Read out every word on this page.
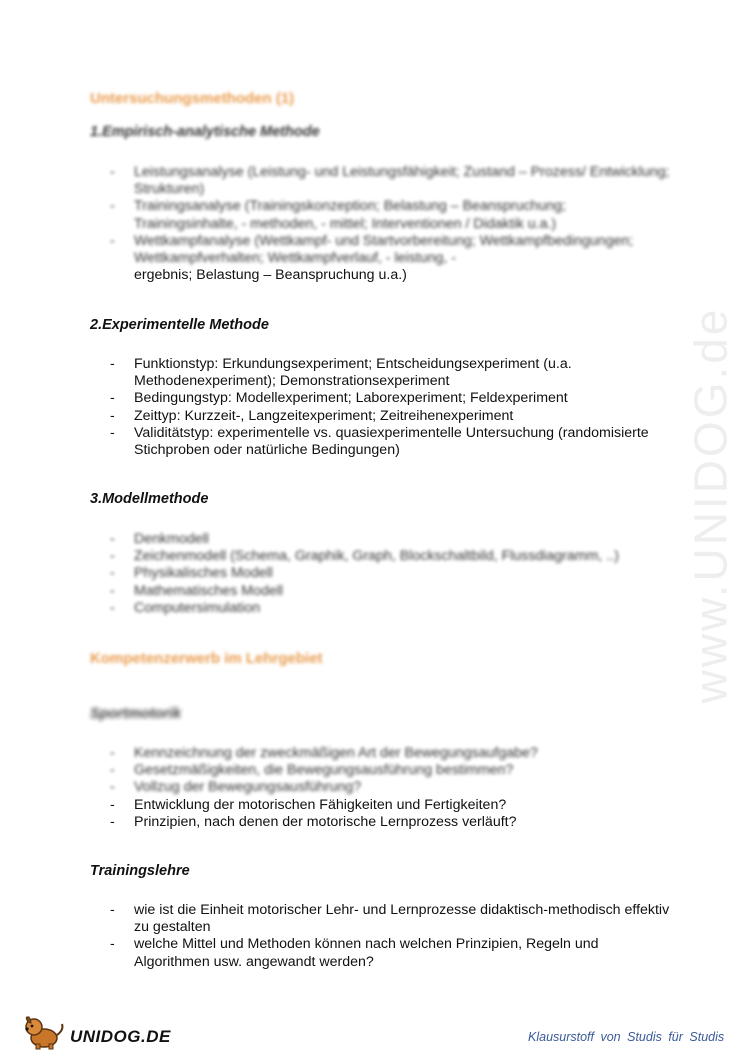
Untersuchungsmethoden (1)
1.Empirisch-analytische Methode
- Leistungsanalyse (Leistung- und Leistungsfähigkeit; Zustand – Prozess/ Entwicklung; Strukturen)
- Trainingsanalyse (Trainingskonzeption; Belastung – Beanspruchung; Trainingsinhalte, - methoden, - mittel; Interventionen / Didaktik u.a.)
- Wettkampfanalyse (Wettkampf- und Startvorbereitung; Wettkampfbedingungen; Wettkampfverhalten; Wettkampfverlauf, - leistung, -
ergebnis; Belastung – Beanspruchung u.a.)
2.Experimentelle Methode
- Funktionstyp: Erkundungsexperiment; Entscheidungsexperiment (u.a. Methodenexperiment); Demonstrationsexperiment
- Bedingungstyp: Modellexperiment; Laborexperiment; Feldexperiment
- Zeittyp: Kurzzeit-, Langzeitexperiment; Zeitreihenexperiment
- Validitätstyp: experimentelle vs. quasiexperimentelle Untersuchung (randomisierte Stichproben oder natürliche Bedingungen)
3.Modellmethode
- Denkmodell
- Zeichenmodell (Schema, Graphik, Graph, Blockschaltbild, Flussdiagramm, ..)
- Physikalisches Modell
- Mathematisches Modell
- Computersimulation
Kompetenzerwerb im Lehrgebiet
Sportmotorik
- Kennzeichnung der zweckmäßigen Art der Bewegungsaufgabe?
- Gesetzmäßigkeiten, die Bewegungsausführung bestimmen?
- Vollzug der Bewegungsausführung?
- Entwicklung der motorischen Fähigkeiten und Fertigkeiten?
- Prinzipien, nach denen der motorische Lernprozess verläuft?
Trainingslehre
- wie ist die Einheit motorischer Lehr- und Lernprozesse didaktisch-methodisch effektiv zu gestalten
- welche Mittel und Methoden können nach welchen Prinzipien, Regeln und Algorithmen usw. angewandt werden?
www.UNIDOG.de
UNIDOG.DE	Klausurstoff von Studis für Studis
